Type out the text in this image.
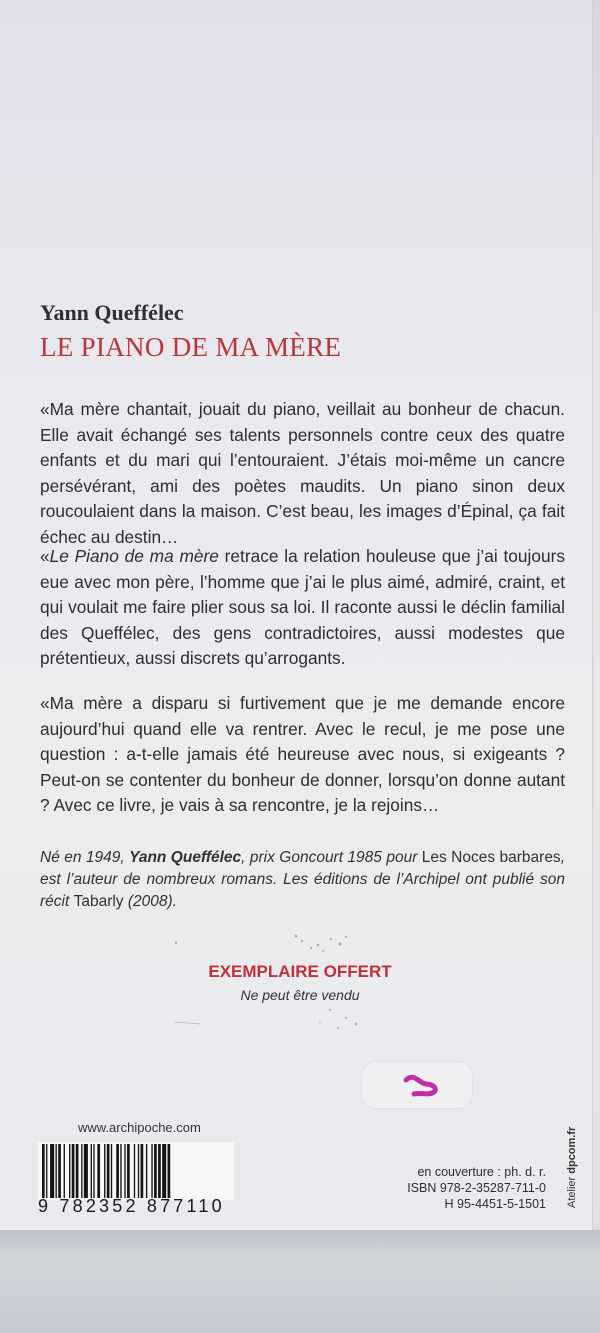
Yann Queffélec
LE PIANO DE MA MÈRE

«Ma mère chantait, jouait du piano, veillait au bonheur de chacun. Elle avait échangé ses talents personnels contre ceux des quatre enfants et du mari qui l’entouraient. J’étais moi-même un cancre persévérant, ami des poètes maudits. Un piano sinon deux roucoulaient dans la maison. C’est beau, les images d’Épinal, ça fait échec au destin…

«Le Piano de ma mère retrace la relation houleuse que j’ai toujours eue avec mon père, l’homme que j’ai le plus aimé, admiré, craint, et qui voulait me faire plier sous sa loi. Il raconte aussi le déclin familial des Queffélec, des gens contradictoires, aussi modestes que prétentieux, aussi discrets qu’arrogants.

«Ma mère a disparu si furtivement que je me demande encore aujourd’hui quand elle va rentrer. Avec le recul, je me pose une question : a-t-elle jamais été heureuse avec nous, si exigeants ? Peut-on se contenter du bonheur de donner, lorsqu’on donne autant ? Avec ce livre, je vais à sa rencontre, je la rejoins…

Né en 1949, Yann Queffélec, prix Goncourt 1985 pour Les Noces barbares, est l’auteur de nombreux romans. Les éditions de l’Archipel ont publié son récit Tabarly (2008).

EXEMPLAIRE OFFERT

Ne peut être vendu

www.archipoche.com

9 782352 877110

en couverture : ph. d. r.
ISBN 978-2-35287-711-0
H 95-4451-5-1501 Atelier dpcom.fr
